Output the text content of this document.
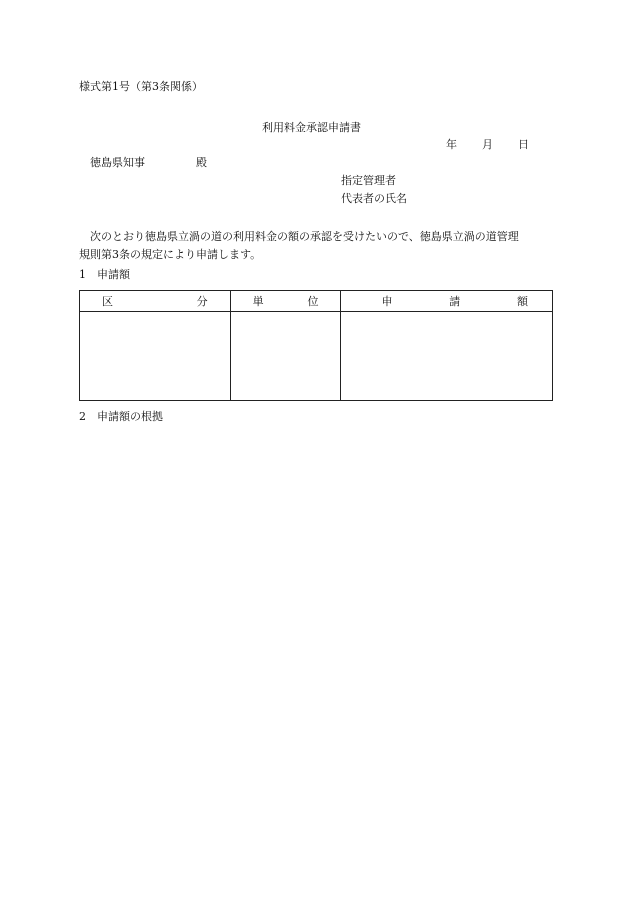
様式第1号（第3条関係）
利用料金承認申請書
年 月 日
徳島県知事	殿
指定管理者
代表者の氏名
次のとおり徳島県立渦の道の利用料金の額の承認を受けたいので、徳島県立渦の道管理
規則第3条の規定により申請します。
1　申請額
区 分	単 位	申 請 額

2　申請額の根拠
